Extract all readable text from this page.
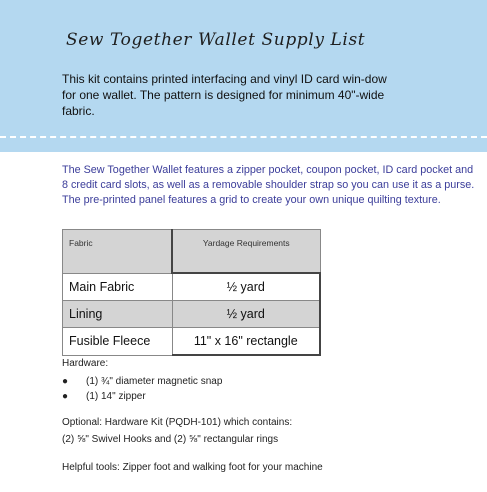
Sew Together Wallet Supply List

This kit contains printed interfacing and vinyl ID card win-dow for one wallet. The pattern is designed for minimum 40"-wide fabric.

The Sew Together Wallet features a zipper pocket, coupon pocket, ID card pocket and 8 credit card slots, as well as a removable shoulder strap so you can use it as a purse. The pre-printed panel features a grid to create your own unique quilting texture.

Fabric	Yardage Requirements
Main Fabric	½ yard
Lining	½ yard
Fusible Fleece	11" x 16" rectangle

Hardware:

● (1) ¾" diameter magnetic snap
● (1) 14" zipper
Optional: Hardware Kit (PQDH-101) which contains:
(2) ⅝" Swivel Hooks and (2) ⅝" rectangular rings

Helpful tools: Zipper foot and walking foot for your machine
